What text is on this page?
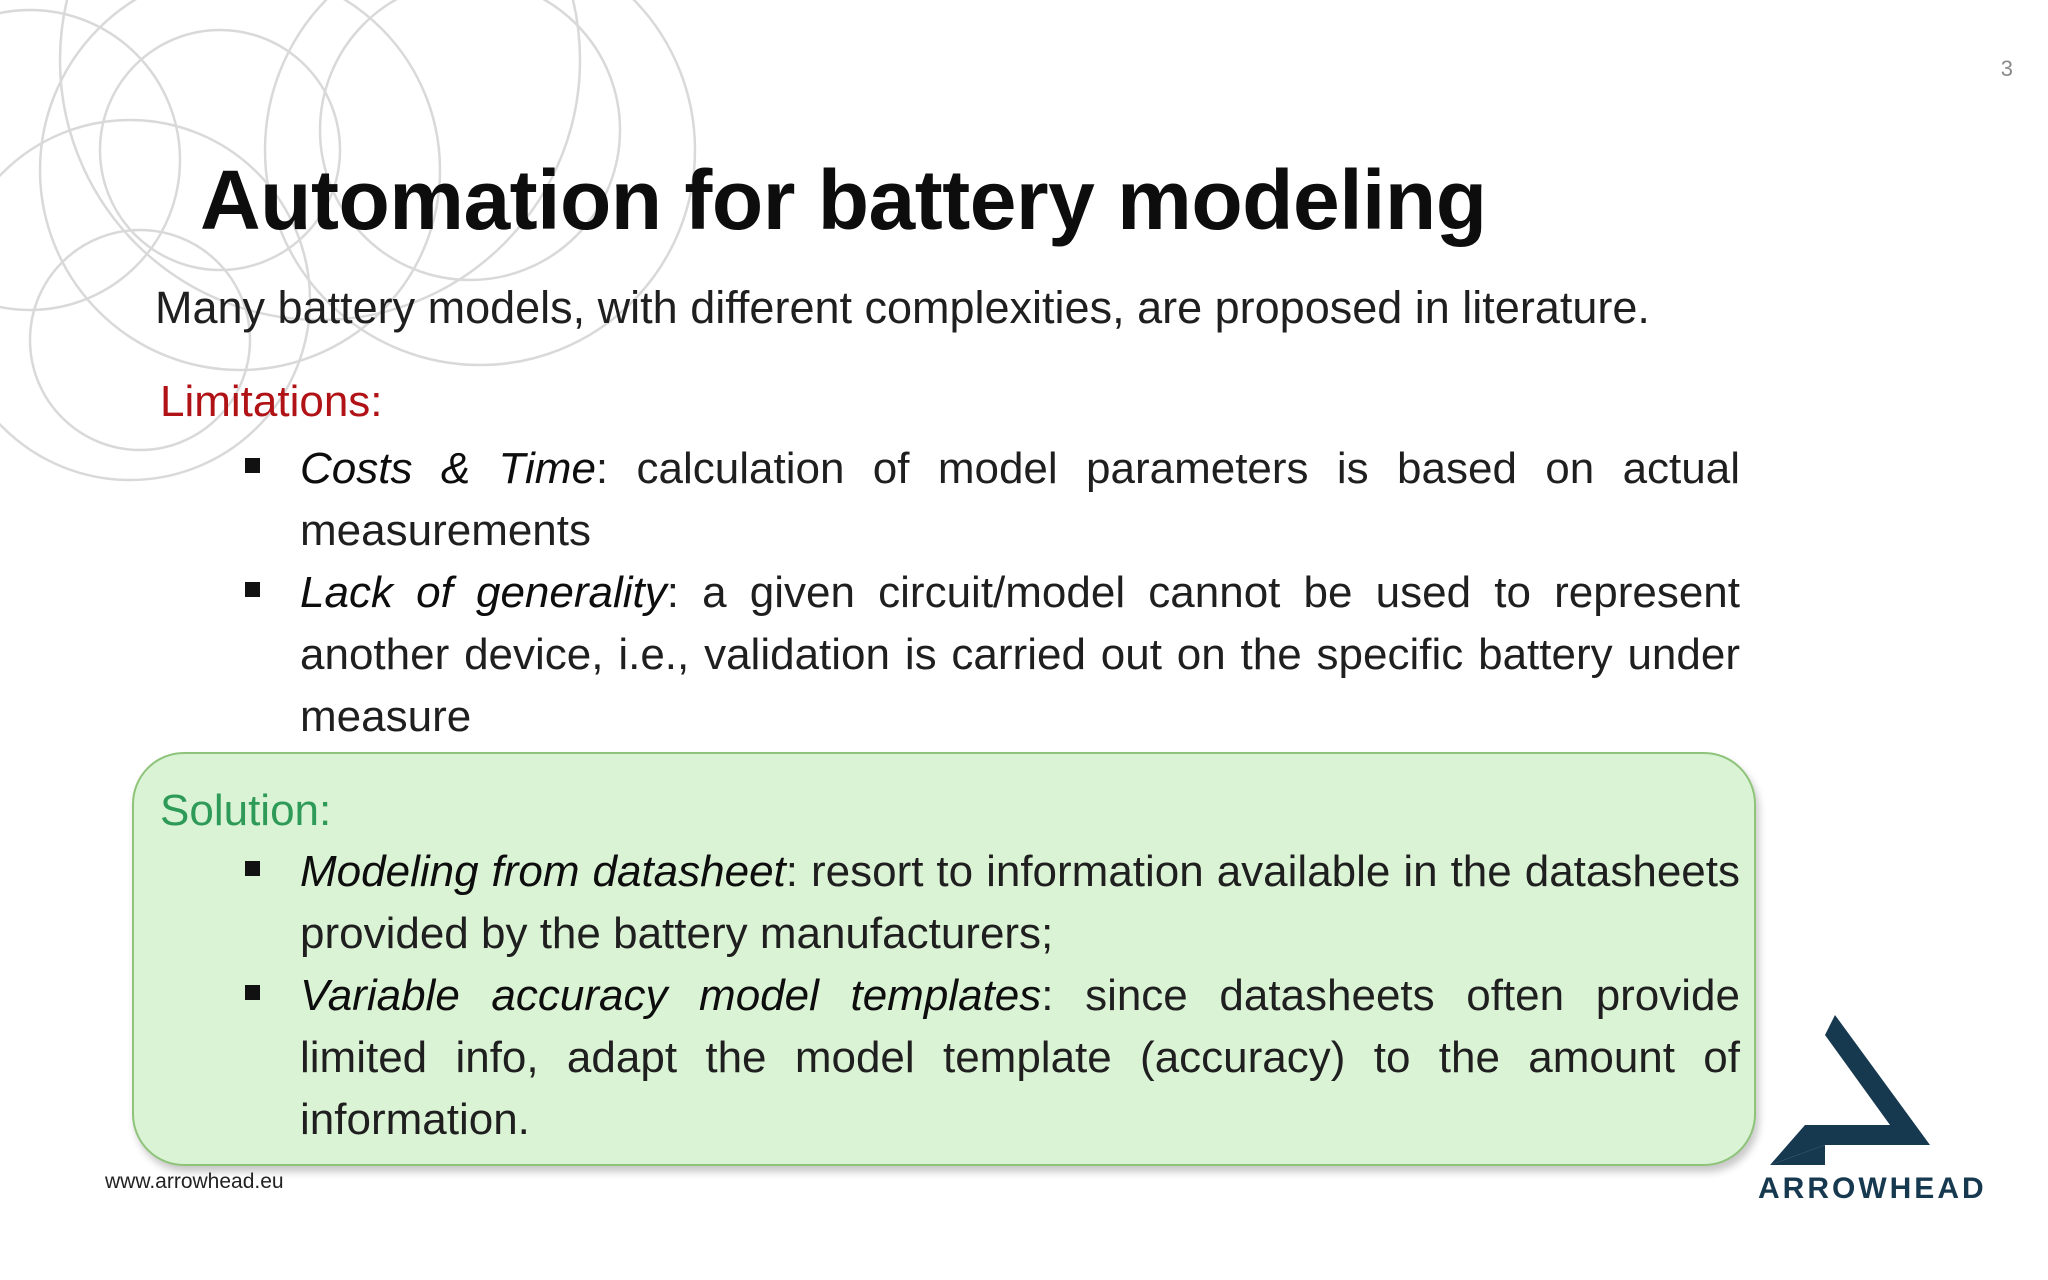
3
Automation for battery modeling
Many battery models, with different complexities, are proposed in literature.
Limitations:
Costs & Time: calculation of model parameters is based on actual measurements
Lack of generality: a given circuit/model cannot be used to represent another device, i.e., validation is carried out on the specific battery under measure
Solution:
Modeling from datasheet: resort to information available in the datasheets provided by the battery manufacturers;
Variable accuracy model templates: since datasheets often provide limited info, adapt the model template (accuracy) to the amount of information.
www.arrowhead.eu	ARROWHEAD
